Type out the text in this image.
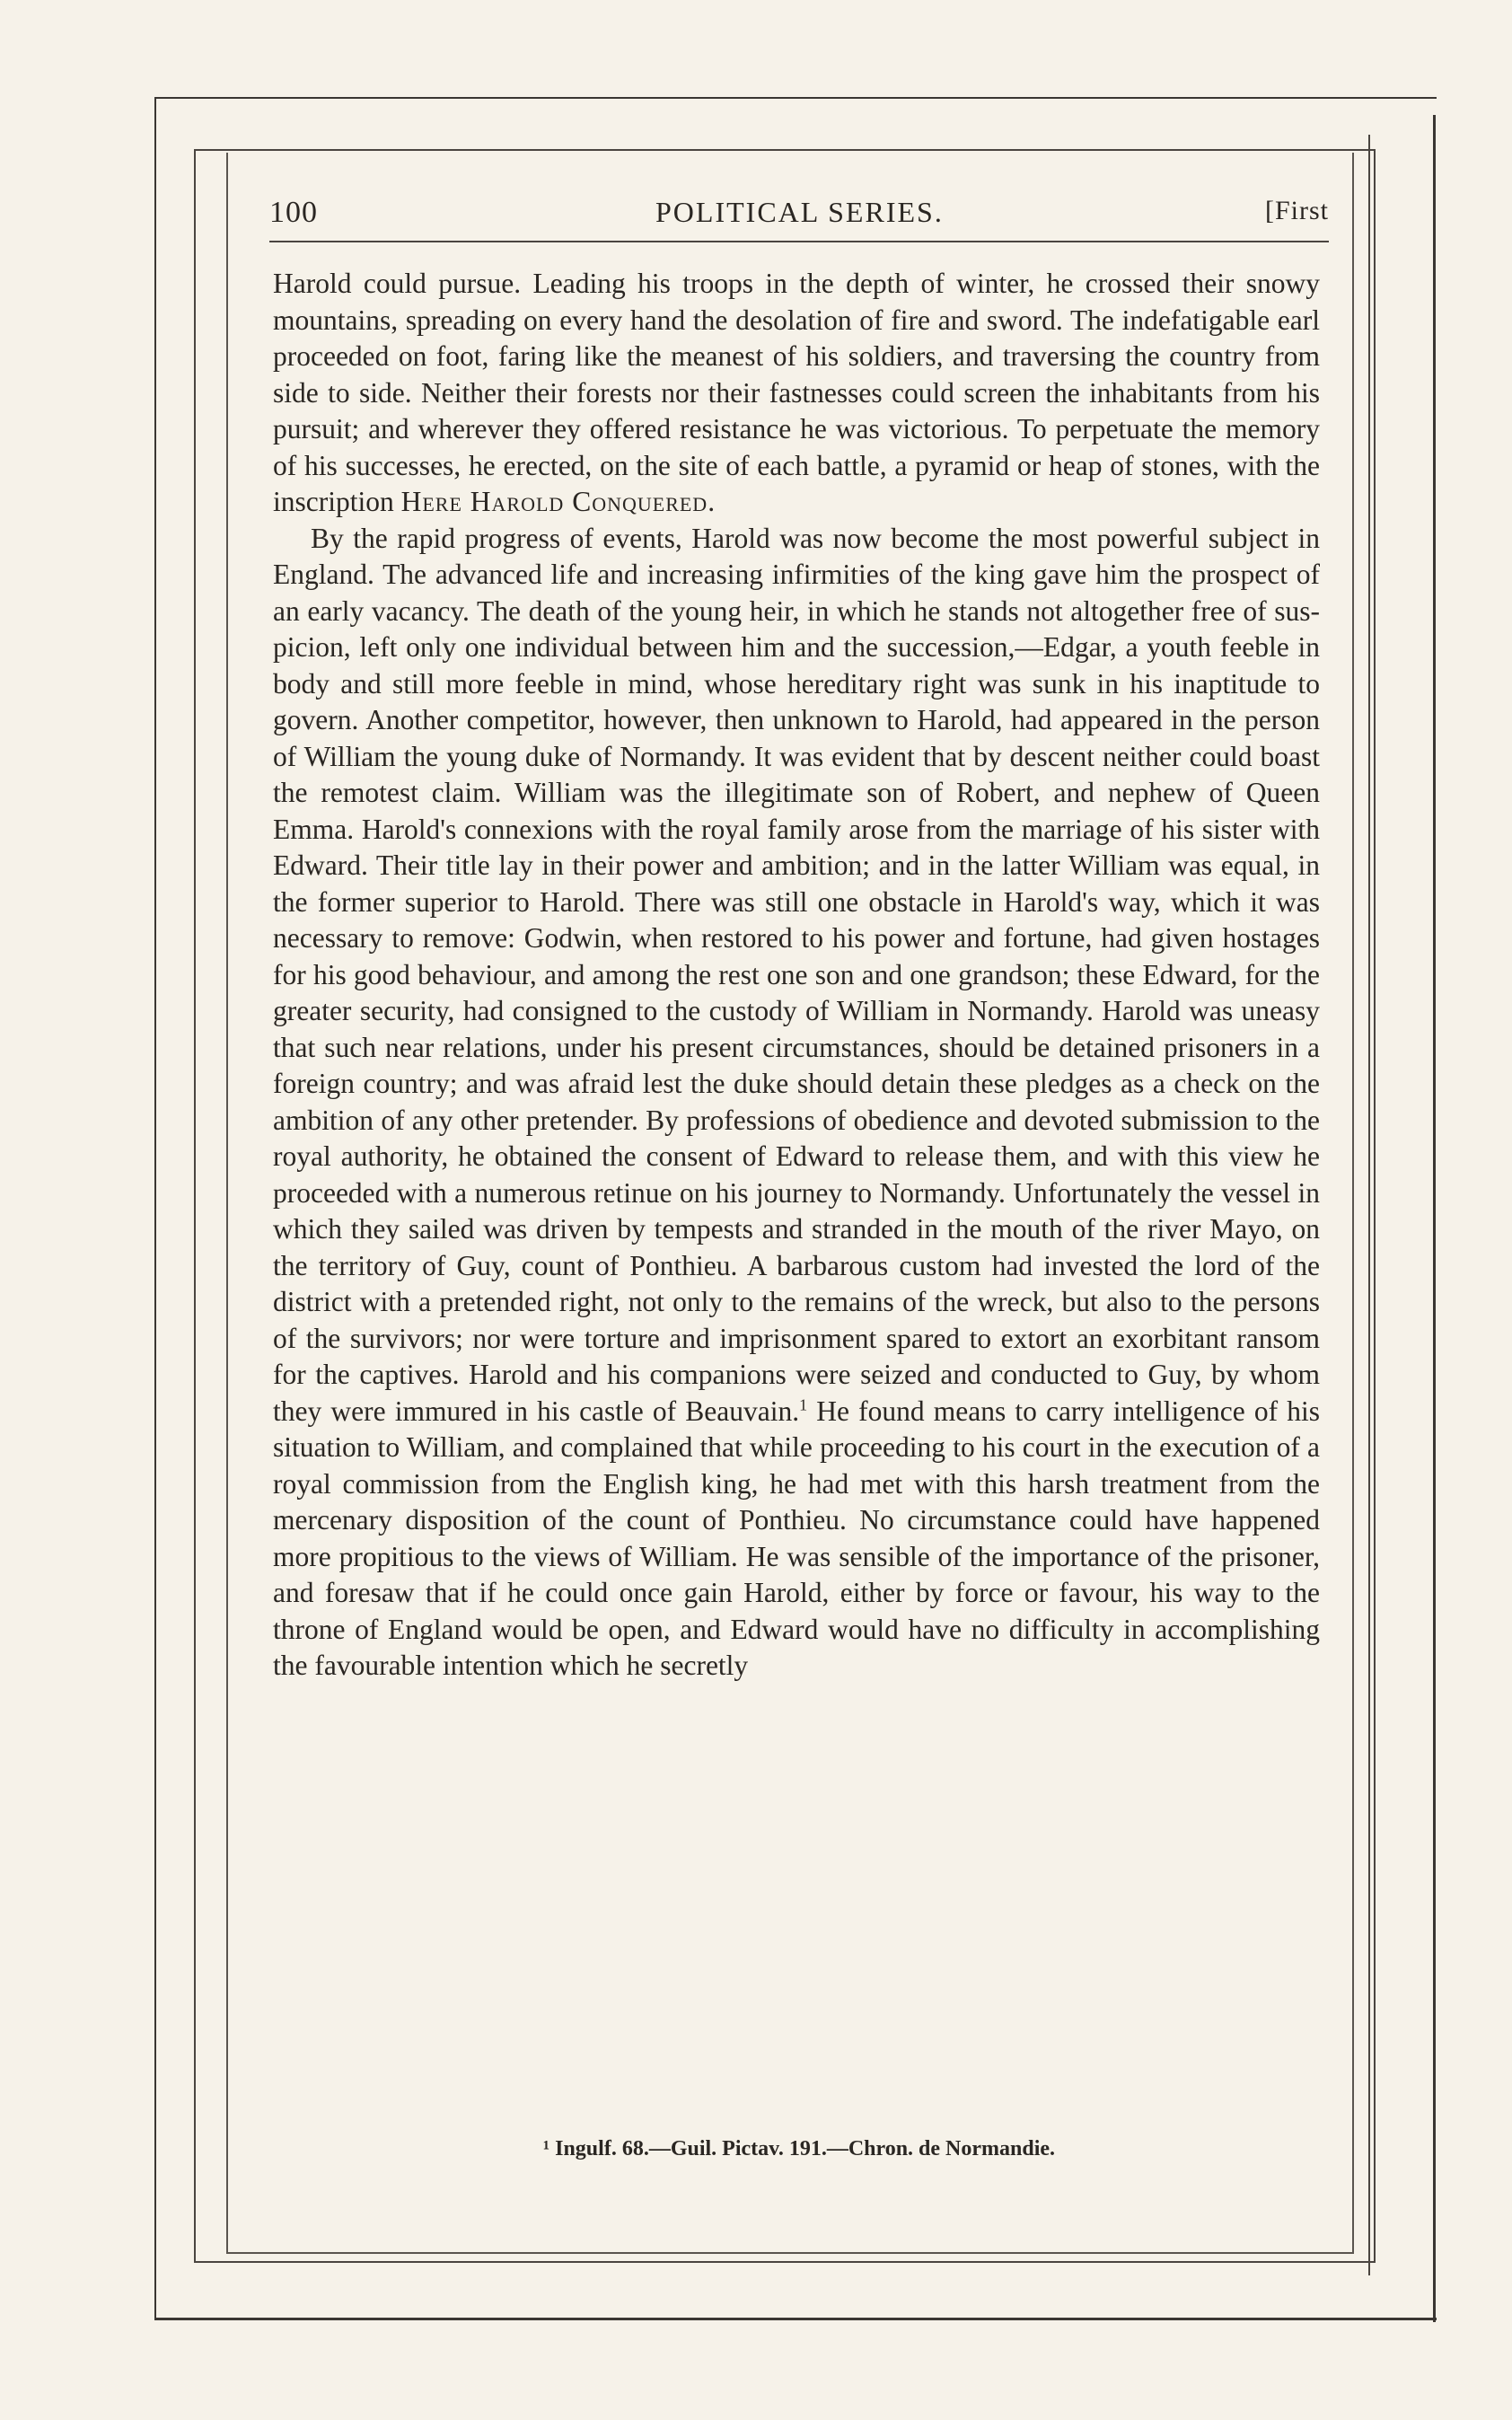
100	POLITICAL SERIES.	[First

Harold could pursue. Leading his troops in the depth of winter, he crossed their snowy mountains, spreading on every hand the desolation of fire and sword. The indefatigable earl proceeded on foot, faring like the meanest of his soldiers, and traversing the country from side to side. Neither their forests nor their fastnesses could screen the inhabitants from his pursuit; and wherever they offered resistance he was victorious. To perpetuate the memory of his successes, he erected, on the site of each battle, a pyramid or heap of stones, with the inscription Here Harold Conquered.

By the rapid progress of events, Harold was now become the most powerful subject in England. The advanced life and increasing infirmities of the king gave him the prospect of an early vacancy. The death of the young heir, in which he stands not altogether free of suspicion, left only one individual between him and the succession,—Edgar, a youth feeble in body and still more feeble in mind, whose hereditary right was sunk in his inaptitude to govern. Another competitor, however, then unknown to Harold, had appeared in the person of William the young duke of Normandy. It was evident that by descent neither could boast the remotest claim. William was the illegitimate son of Robert, and nephew of Queen Emma. Harold's connexions with the royal family arose from the marriage of his sister with Edward. Their title lay in their power and ambition; and in the latter William was equal, in the former superior to Harold. There was still one obstacle in Harold's way, which it was necessary to remove: Godwin, when restored to his power and fortune, had given hostages for his good behaviour, and among the rest one son and one grandson; these Edward, for the greater security, had consigned to the custody of William in Normandy. Harold was uneasy that such near relations, under his present circumstances, should be detained prisoners in a foreign country; and was afraid lest the duke should detain these pledges as a check on the ambition of any other pretender. By professions of obedience and devoted submission to the royal authority, he obtained the consent of Edward to release them, and with this view he proceeded with a numerous retinue on his journey to Normandy. Unfortunately the vessel in which they sailed was driven by tempests and stranded in the mouth of the river Mayo, on the territory of Guy, count of Ponthieu. A barbarous custom had invested the lord of the district with a pretended right, not only to the remains of the wreck, but also to the persons of the survivors; nor were torture and imprisonment spared to extort an exorbitant ransom for the captives. Harold and his companions were seized and conducted to Guy, by whom they were immured in his castle of Beauvain.$^1$ He found means to carry intelligence of his situation to William, and complained that while proceeding to his court in the execution of a royal commission from the English king, he had met with this harsh treatment from the mercenary disposition of the count of Ponthieu. No circumstance could have happened more propitious to the views of William. He was sensible of the importance of the prisoner, and foresaw that if he could once gain Harold, either by force or favour, his way to the throne of England would be open, and Edward would have no difficulty in accomplishing the favourable intention which he secretly

¹ Ingulf. 68.—Guil. Pictav. 191.—Chron. de Normandie.
